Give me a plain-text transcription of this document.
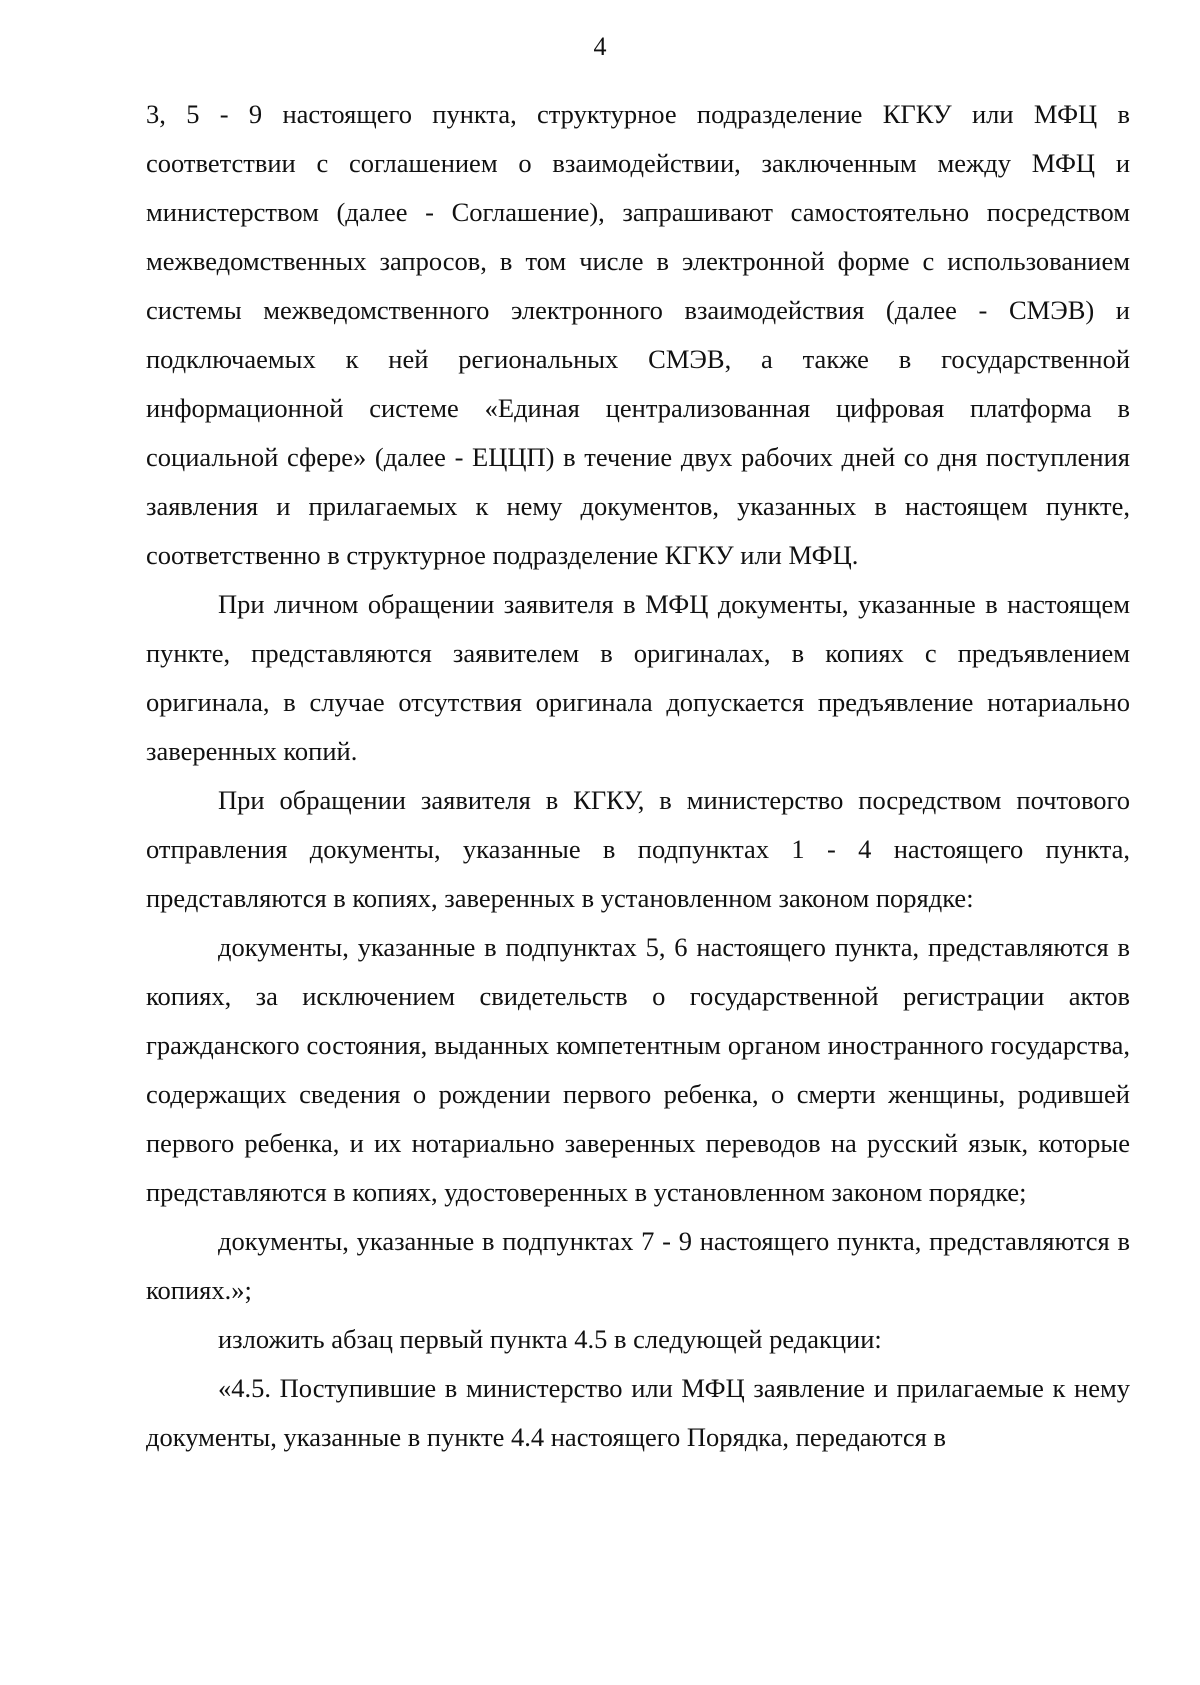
4

3, 5 - 9 настоящего пункта, структурное подразделение КГКУ или МФЦ в соответствии с соглашением о взаимодействии, заключенным между МФЦ и министерством (далее - Соглашение), запрашивают самостоятельно посредством межведомственных запросов, в том числе в электронной форме с использованием системы межведомственного электронного взаимодействия (далее - СМЭВ) и подключаемых к ней региональных СМЭВ, а также в государственной информационной системе «Единая централизованная цифровая платформа в социальной сфере» (далее - ЕЦЦП) в течение двух рабочих дней со дня поступления заявления и прилагаемых к нему документов, указанных в настоящем пункте, соответственно в структурное подразделение КГКУ или МФЦ.

При личном обращении заявителя в МФЦ документы, указанные в настоящем пункте, представляются заявителем в оригиналах, в копиях с предъявлением оригинала, в случае отсутствия оригинала допускается предъявление нотариально заверенных копий.

При обращении заявителя в КГКУ, в министерство посредством почтового отправления документы, указанные в подпунктах 1 - 4 настоящего пункта, представляются в копиях, заверенных в установленном законом порядке:

документы, указанные в подпунктах 5, 6 настоящего пункта, представляются в копиях, за исключением свидетельств о государственной регистрации актов гражданского состояния, выданных компетентным органом иностранного государства, содержащих сведения о рождении первого ребенка, о смерти женщины, родившей первого ребенка, и их нотариально заверенных переводов на русский язык, которые представляются в копиях, удостоверенных в установленном законом порядке;

документы, указанные в подпунктах 7 - 9 настоящего пункта, представляются в копиях.»;

изложить абзац первый пункта 4.5 в следующей редакции:

«4.5. Поступившие в министерство или МФЦ заявление и прилагаемые к нему документы, указанные в пункте 4.4 настоящего Порядка, передаются в
